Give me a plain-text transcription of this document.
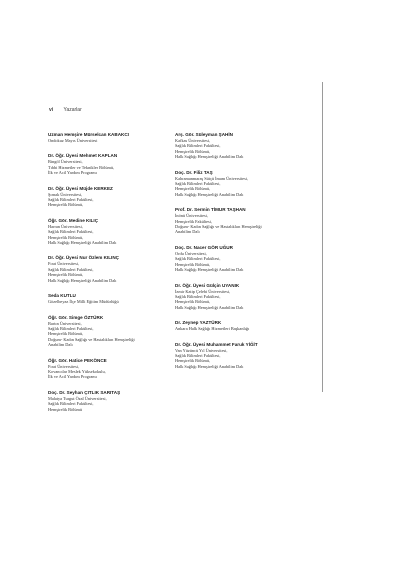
vi Yazarlar
Uzman Hemşire Mürselcan KABAKCI
Ondokuz Mayıs Üniversitesi
Dr. Öğr. Üyesi Mehmet KAPLAN
Bingöl Üniversitesi,
Tıbbi Hizmetler ve Teknikler Bölümü,
İlk ve Acil Yardım Programı
Dr. Öğr. Üyesi Müjde KERKEZ
Şırnak Üniversitesi,
Sağlık Bilimleri Fakültesi,
Hemşirelik Bölümü,
Öğr. Gör. Medine KILIÇ
Harran Üniversitesi,
Sağlık Bilimleri Fakültesi,
Hemşirelik Bölümü,
Halk Sağlığı Hemşireliği Anabilim Dalı
Dr. Öğr. Üyesi Nur Özlem KILINÇ
Fırat Üniversitesi,
Sağlık Bilimleri Fakültesi,
Hemşirelik Bölümü,
Halk Sağlığı Hemşireliği Anabilim Dalı
Seda KUTLU
Gözelbeyaz İlçe Milli Eğitim Müdürlüğü
Öğr. Gör. Simge ÖZTÜRK
Bartın Üniversitesi,
Sağlık Bilimleri Fakültesi,
Hemşirelik Bölümü,
Doğum- Kadın Sağlığı ve Hastalıkları Hemşireliği
Anabilim Dalı
Öğr. Gör. Hatice PEKÖNCE
Fırat Üniversitesi,
Kovancılar Meslek Yüksekokulu,
İlk ve Acil Yardım Programı
Doç. Dr. Seyhan ÇITLIK SARITAŞ
Malatya Turgut Özal Üniversitesi,
Sağlık Bilimleri Fakültesi,
Hemşirelik Bölümü
Arş. Gör. Süleyman ŞAHİN
Kafkas Üniversitesi,
Sağlık Bilimleri Fakültesi,
Hemşirelik Bölümü,
Halk Sağlığı Hemşireliği Anabilim Dalı
Doç. Dr. Filiz TAŞ
Kahramanmaraş Sütçü İmam Üniversitesi,
Sağlık Bilimleri Fakültesi,
Hemşirelik Bölümü,
Halk Sağlığı Hemşireliği Anabilim Dalı
Prof. Dr. Sermin TİMUR TAŞHAN
İnönü Üniversitesi,
Hemşirelik Fakültesi,
Doğum- Kadın Sağlığı ve Hastalıkları Hemşireliği
Anabilim Dalı
Doç. Dr. Nacer GÖR UĞUR
Ordu Üniversitesi,
Sağlık Bilimleri Fakültesi,
Hemşirelik Bölümü,
Halk Sağlığı Hemşireliği Anabilim Dalı
Dr. Öğr. Üyesi Gülçin UYANIK
İzmir Katip Çelebi Üniversitesi,
Sağlık Bilimleri Fakültesi,
Hemşirelik Bölümü,
Halk Sağlığı Hemşireliği Anabilim Dalı
Dr. Zeynep YAZTÜRK
Ankara Halk Sağlığı Hizmetleri Başkanlığı
Dr. Öğr. Üyesi Muhammet Faruk YİĞİT
Van Yüzüncü Yıl Üniversitesi,
Sağlık Bilimleri Fakültesi,
Hemşirelik Bölümü,
Halk Sağlığı Hemşireliği Anabilim Dalı
